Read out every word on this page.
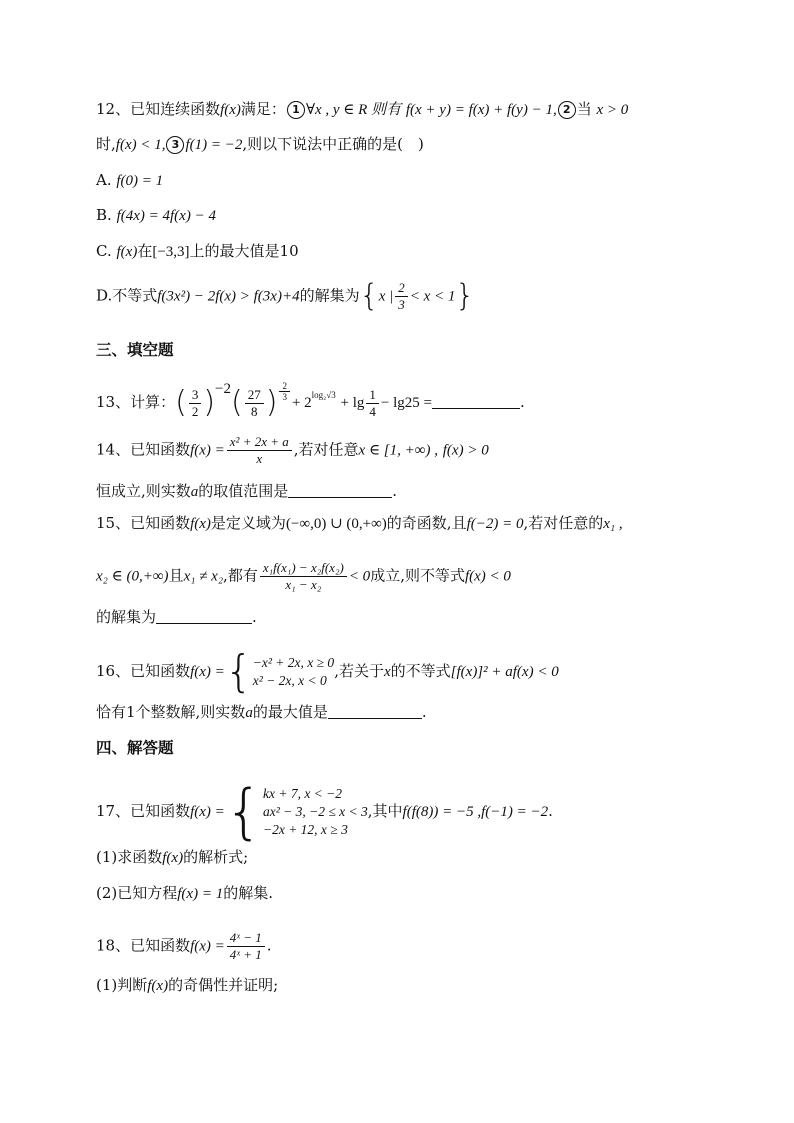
12、已知连续函数f(x)满足： 1 ∀x , y ∈ R 则有 f(x + y) = f(x) + f(y) − 1, 2 当 x > 0
时,f(x) < 1, 3 f(1) = −2,则以下说法中正确的是(　)
A. f(0) = 1
B. f(4x) = 4f(x) − 4
C. f(x)在[−3,3]上的最大值是10
D.不等式f(3x²) − 2f(x) > f(3x)+4的解集为{x | $\frac{2}{3} < x < 1$}
三、填空题
13、计算：( $\frac{3}{2} )^{-2}( \frac{27}{8}$ ) $\frac{2}{3}$
+ $2^{log_2√3} + \lg \frac{1}{4} - \lg 25$ =	.
14、已知函数$f(x) = \frac{\text{x² + 2x + a}}{x}$ ,若对任意x ∈ [1, +∞) , f(x) > 0
恒成立,则实数a的取值范围是	.
15、已知函数f(x)是定义域为(−∞,0) ∪ (0,+∞)的奇函数,且f(−2) = 0,若对任意的x₁ ,
x₂ ∈ (0,+∞)且x₁ ≠ x₂,都有 $\frac{\text{x₁f(x₁) − x₂f(x₂)}}{\text{x₁ − x₂}} < 0$成立,则不等式f(x) < 0
的解集为	.
16、已知函数f(x) ={ −x² + 2x, x ≥ 0
x² − 2x, x < 0
,若关于x的不等式[f(x)]² + af(x) < 0
恰有1个整数解,则实数a的最大值是	.
四、解答题
17、已知函数f(x) ={ kx + 7, x < −2
ax² − 3, −2 ≤ x < 3
−2x + 12, x ≥ 3
,其中f(f(8)) = −5 ,f(−1) = −2.
(1)求函数f(x)的解析式;
(2)已知方程f(x) = 1的解集.
18、已知函数$f(x) = \frac{\text{4ˣ − 1}}{\text{4ˣ + 1}}$ .
(1)判断f(x)的奇偶性并证明;
